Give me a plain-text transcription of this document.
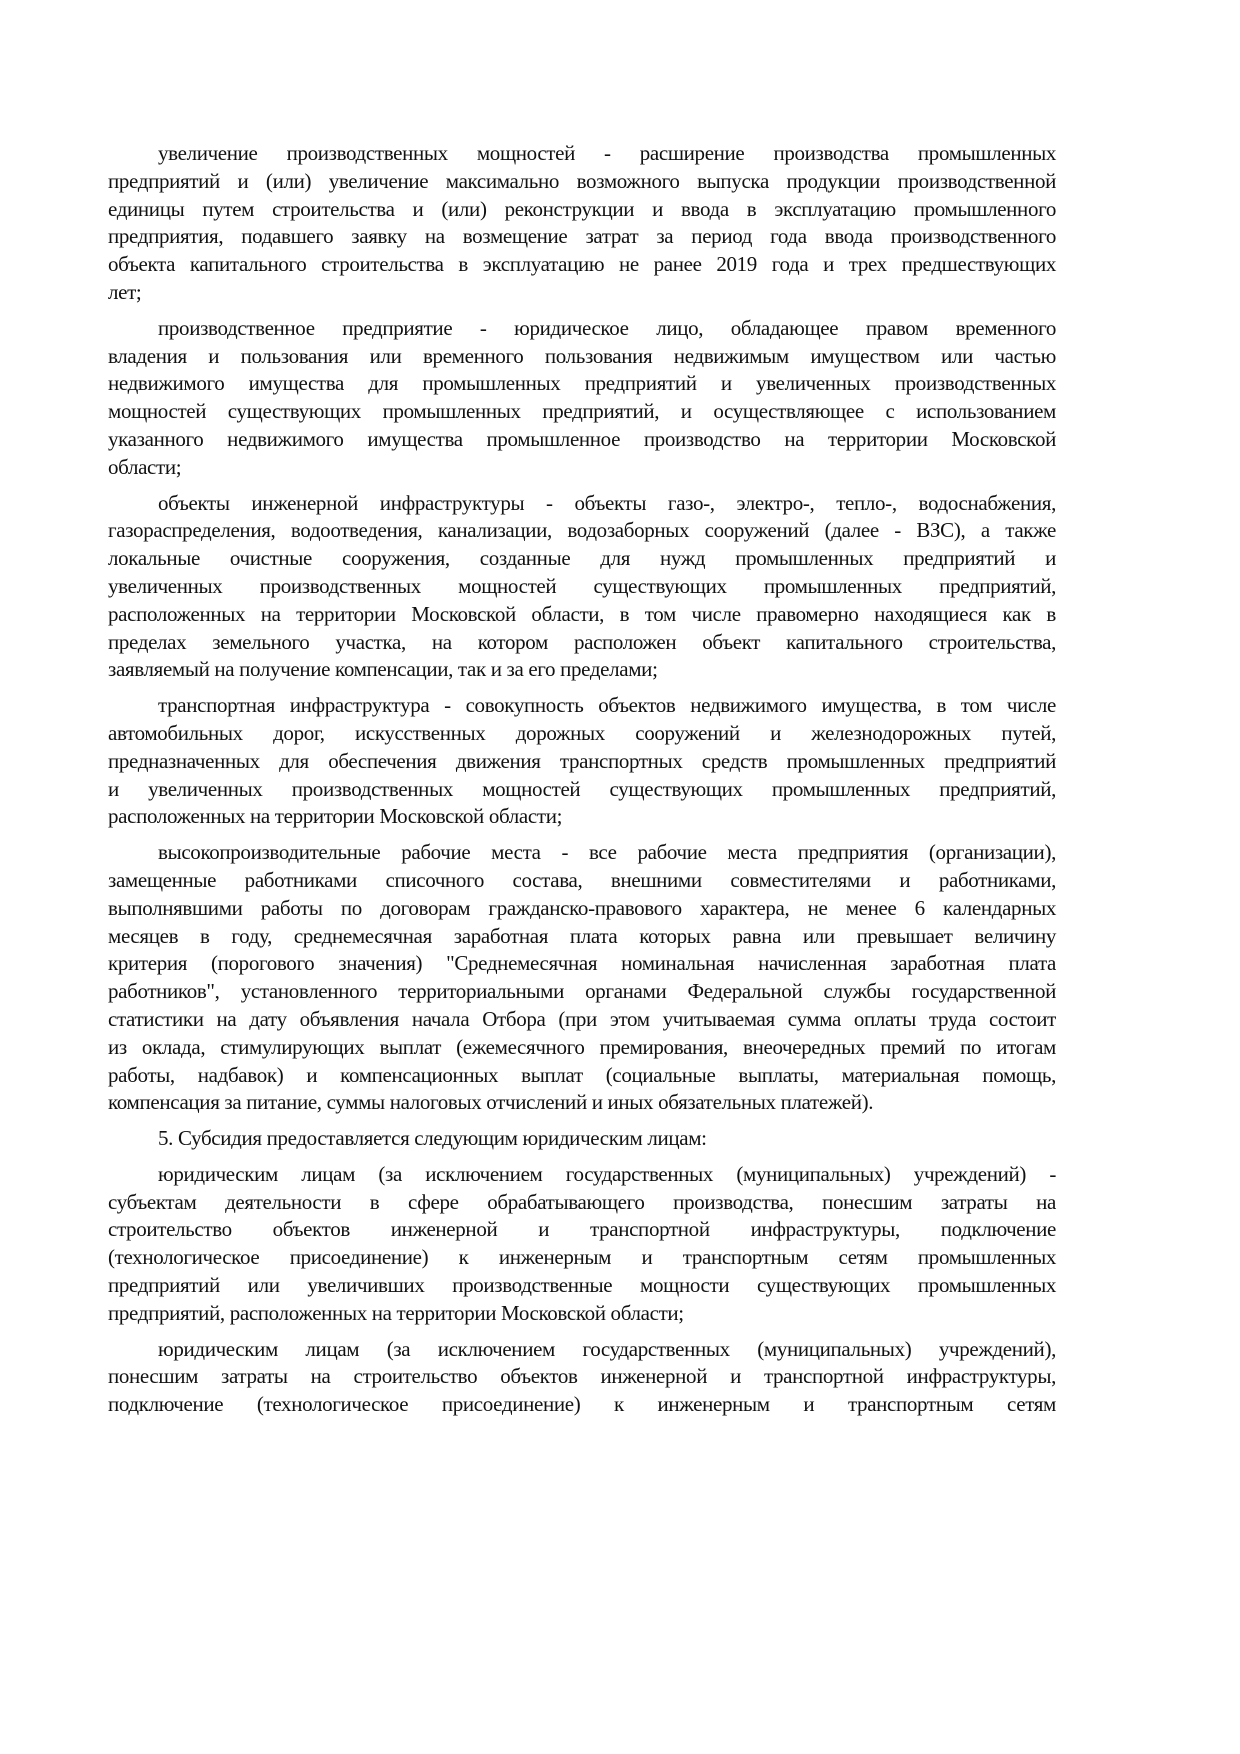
увеличение производственных мощностей - расширение производства промышленных
предприятий и (или) увеличение максимально возможного выпуска продукции производственной
единицы путем строительства и (или) реконструкции и ввода в эксплуатацию промышленного
предприятия, подавшего заявку на возмещение затрат за период года ввода производственного
объекта капитального строительства в эксплуатацию не ранее 2019 года и трех предшествующих
лет;
производственное предприятие - юридическое лицо, обладающее правом временного
владения и пользования или временного пользования недвижимым имуществом или частью
недвижимого имущества для промышленных предприятий и увеличенных производственных
мощностей существующих промышленных предприятий, и осуществляющее с использованием
указанного недвижимого имущества промышленное производство на территории Московской
области;
объекты инженерной инфраструктуры - объекты газо-, электро-, тепло-, водоснабжения,
газораспределения, водоотведения, канализации, водозаборных сооружений (далее - ВЗС), а также
локальные очистные сооружения, созданные для нужд промышленных предприятий и
увеличенных производственных мощностей существующих промышленных предприятий,
расположенных на территории Московской области, в том числе правомерно находящиеся как в
пределах земельного участка, на котором расположен объект капитального строительства,
заявляемый на получение компенсации, так и за его пределами;
транспортная инфраструктура - совокупность объектов недвижимого имущества, в том числе
автомобильных дорог, искусственных дорожных сооружений и железнодорожных путей,
предназначенных для обеспечения движения транспортных средств промышленных предприятий
и увеличенных производственных мощностей существующих промышленных предприятий,
расположенных на территории Московской области;
высокопроизводительные рабочие места - все рабочие места предприятия (организации),
замещенные работниками списочного состава, внешними совместителями и работниками,
выполнявшими работы по договорам гражданско-правового характера, не менее 6 календарных
месяцев в году, среднемесячная заработная плата которых равна или превышает величину
критерия (порогового значения) "Среднемесячная номинальная начисленная заработная плата
работников", установленного территориальными органами Федеральной службы государственной
статистики на дату объявления начала Отбора (при этом учитываемая сумма оплаты труда состоит
из оклада, стимулирующих выплат (ежемесячного премирования, внеочередных премий по итогам
работы, надбавок) и компенсационных выплат (социальные выплаты, материальная помощь,
компенсация за питание, суммы налоговых отчислений и иных обязательных платежей).
5. Субсидия предоставляется следующим юридическим лицам:
юридическим лицам (за исключением государственных (муниципальных) учреждений) -
субъектам деятельности в сфере обрабатывающего производства, понесшим затраты на
строительство объектов инженерной и транспортной инфраструктуры, подключение
(технологическое присоединение) к инженерным и транспортным сетям промышленных
предприятий или увеличивших производственные мощности существующих промышленных
предприятий, расположенных на территории Московской области;
юридическим лицам (за исключением государственных (муниципальных) учреждений),
понесшим затраты на строительство объектов инженерной и транспортной инфраструктуры,
подключение (технологическое присоединение) к инженерным и транспортным сетям
